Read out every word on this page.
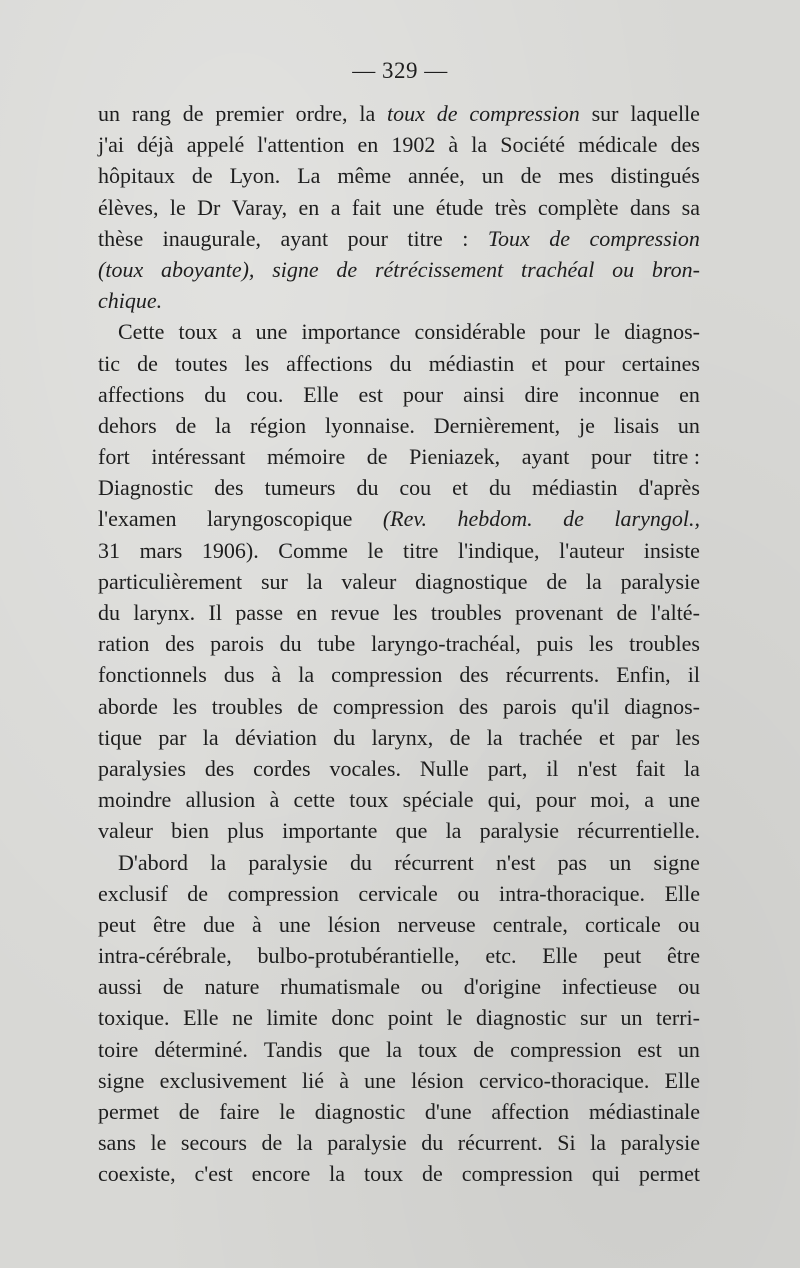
— 329 —
un rang de premier ordre, la toux de compression sur laquelle
j'ai déjà appelé l'attention en 1902 à la Société médicale des
hôpitaux de Lyon. La même année, un de mes distingués
élèves, le Dr Varay, en a fait une étude très complète dans sa
thèse inaugurale, ayant pour titre : Toux de compression
(toux aboyante), signe de rétrécissement trachéal ou bron-
chique.
Cette toux a une importance considérable pour le diagnos-
tic de toutes les affections du médiastin et pour certaines
affections du cou. Elle est pour ainsi dire inconnue en
dehors de la région lyonnaise. Dernièrement, je lisais un
fort intéressant mémoire de Pieniazek, ayant pour titre :
Diagnostic des tumeurs du cou et du médiastin d'après
l'examen laryngoscopique (Rev. hebdom. de laryngol.,
31 mars 1906). Comme le titre l'indique, l'auteur insiste
particulièrement sur la valeur diagnostique de la paralysie
du larynx. Il passe en revue les troubles provenant de l'alté-
ration des parois du tube laryngo-trachéal, puis les troubles
fonctionnels dus à la compression des récurrents. Enfin, il
aborde les troubles de compression des parois qu'il diagnos-
tique par la déviation du larynx, de la trachée et par les
paralysies des cordes vocales. Nulle part, il n'est fait la
moindre allusion à cette toux spéciale qui, pour moi, a une
valeur bien plus importante que la paralysie récurrentielle.
D'abord la paralysie du récurrent n'est pas un signe
exclusif de compression cervicale ou intra-thoracique. Elle
peut être due à une lésion nerveuse centrale, corticale ou
intra-cérébrale, bulbo-protubérantielle, etc. Elle peut être
aussi de nature rhumatismale ou d'origine infectieuse ou
toxique. Elle ne limite donc point le diagnostic sur un terri-
toire déterminé. Tandis que la toux de compression est un
signe exclusivement lié à une lésion cervico-thoracique. Elle
permet de faire le diagnostic d'une affection médiastinale
sans le secours de la paralysie du récurrent. Si la paralysie
coexiste, c'est encore la toux de compression qui permet
